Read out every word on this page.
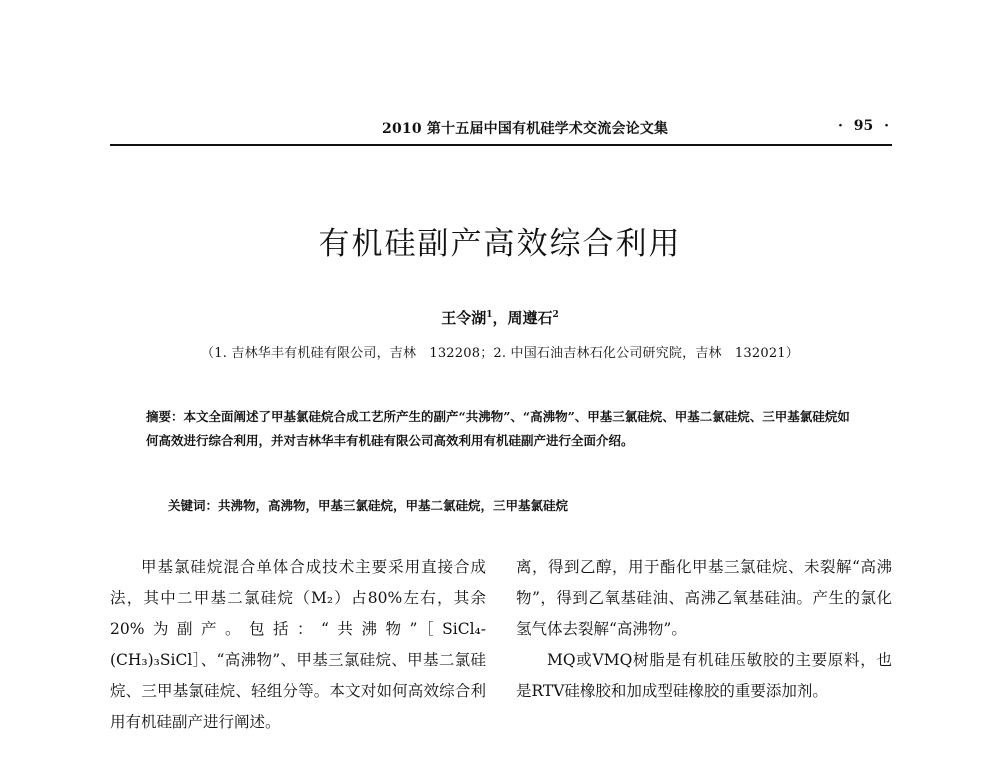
2010 第十五届中国有机硅学术交流会论文集	· 95 ·
有机硅副产高效综合利用
王令湖$^1$，周遵石$^2$
（1. 吉林华丰有机硅有限公司，吉林　132208；2. 中国石油吉林石化公司研究院，吉林　132021）
摘要：本文全面阐述了甲基氯硅烷合成工艺所产生的副产“共沸物”、“高沸物”、甲基三氯硅烷、甲基二氯硅烷、三甲基氯硅烷如何高效进行综合利用，并对吉林华丰有机硅有限公司高效利用有机硅副产进行全面介绍。
关键词：共沸物，高沸物，甲基三氯硅烷，甲基二氯硅烷，三甲基氯硅烷

甲基氯硅烷混合单体合成技术主要采用直接合成法，其中二甲基二氯硅烷（M₂）占80%左右，其余20%为副产。包括：“共沸物”［SiCl₄-(CH₃)₃SiCl］、“高沸物”、甲基三氯硅烷、甲基二氯硅烷、三甲基氯硅烷、轻组分等。本文对如何高效综合利用有机硅副产进行阐述。

离，得到乙醇，用于酯化甲基三氯硅烷、未裂解“高沸物”，得到乙氧基硅油、高沸乙氧基硅油。产生的氯化氢气体去裂解“高沸物”。

MQ或VMQ树脂是有机硅压敏胶的主要原料，也是RTV硅橡胶和加成型硅橡胶的重要添加剂。
